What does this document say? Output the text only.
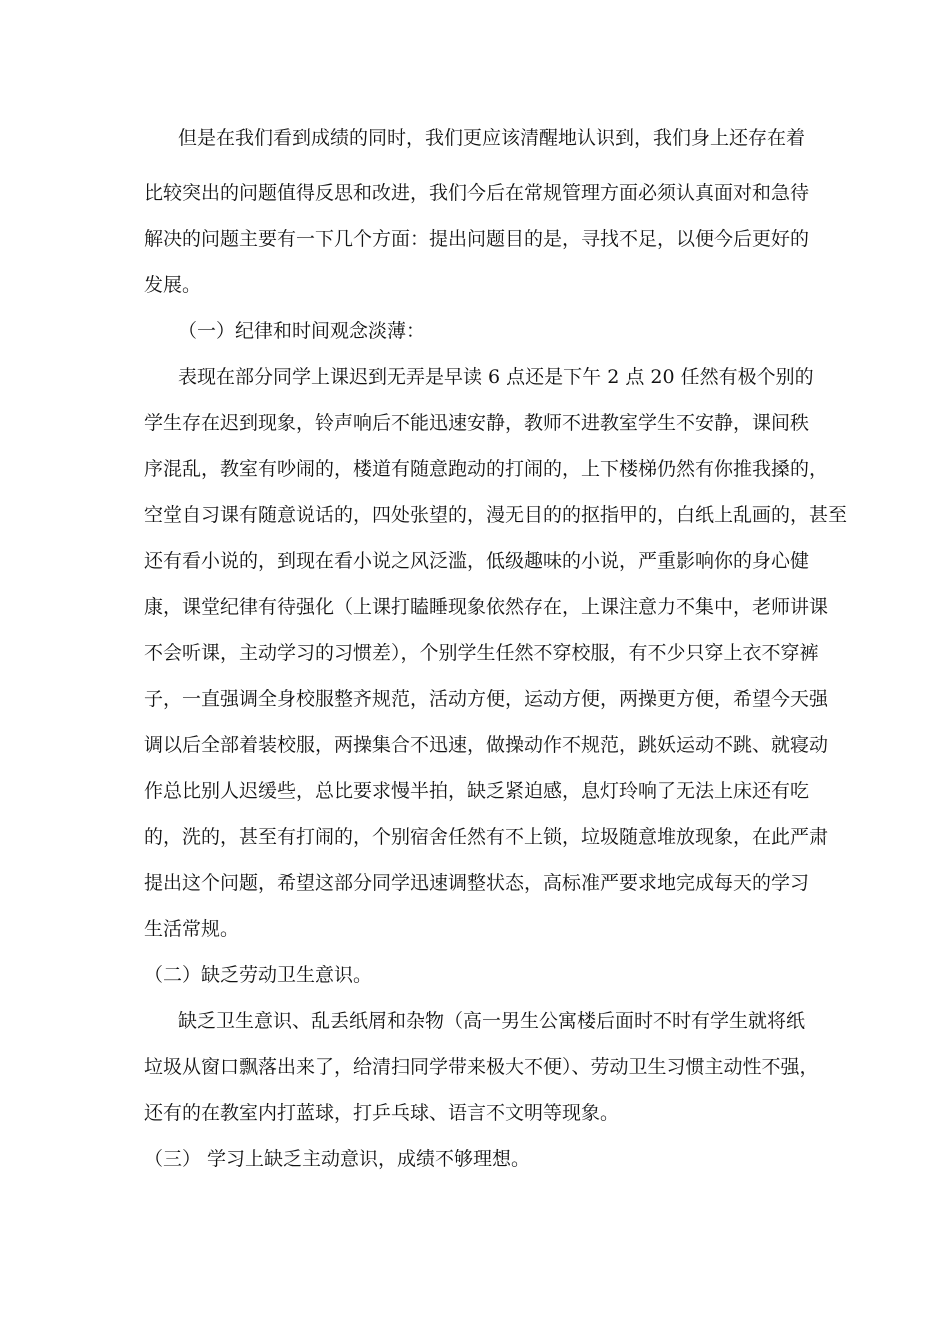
但是在我们看到成绩的同时，我们更应该清醒地认识到，我们身上还存在着
比较突出的问题值得反思和改进，我们今后在常规管理方面必须认真面对和急待
解决的问题主要有一下几个方面：提出问题目的是，寻找不足，以便今后更好的
发展。
（一）纪律和时间观念淡薄：
表现在部分同学上课迟到无弄是早读 6 点还是下午 2 点 20 任然有极个别的
学生存在迟到现象，铃声响后不能迅速安静，教师不进教室学生不安静，课间秩
序混乱，教室有吵闹的，楼道有随意跑动的打闹的，上下楼梯仍然有你推我搡的，
空堂自习课有随意说话的，四处张望的，漫无目的的抠指甲的，白纸上乱画的，甚至
还有看小说的，到现在看小说之风泛滥，低级趣味的小说，严重影响你的身心健
康，课堂纪律有待强化（上课打瞌睡现象依然存在，上课注意力不集中，老师讲课
不会听课，主动学习的习惯差），个别学生任然不穿校服，有不少只穿上衣不穿裤
子，一直强调全身校服整齐规范，活动方便，运动方便，两操更方便，希望今天强
调以后全部着装校服，两操集合不迅速，做操动作不规范，跳妖运动不跳、就寝动
作总比别人迟缓些，总比要求慢半拍，缺乏紧迫感，息灯玲响了无法上床还有吃
的，洗的，甚至有打闹的，个别宿舍任然有不上锁，垃圾随意堆放现象，在此严肃
提出这个问题，希望这部分同学迅速调整状态，高标准严要求地完成每天的学习
生活常规。
（二）缺乏劳动卫生意识。
缺乏卫生意识、乱丢纸屑和杂物（高一男生公寓楼后面时不时有学生就将纸
垃圾从窗口飘落出来了，给清扫同学带来极大不便）、劳动卫生习惯主动性不强，
还有的在教室内打蓝球，打乒乓球、语言不文明等现象。
（三） 学习上缺乏主动意识，成绩不够理想。
